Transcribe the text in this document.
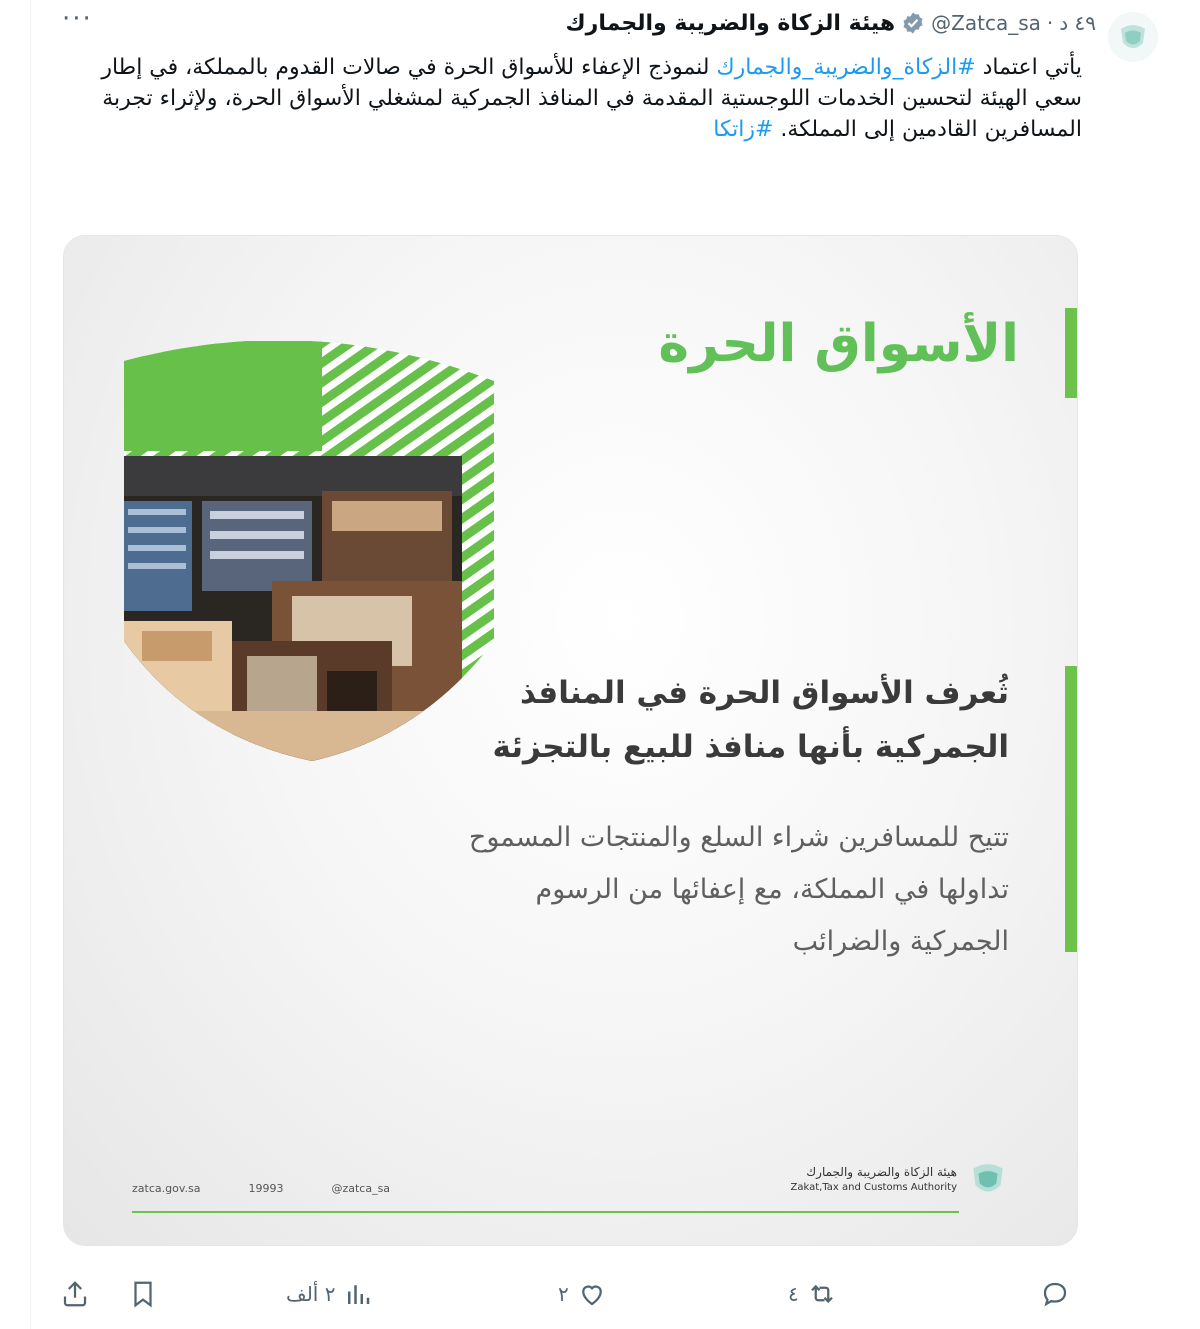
هيئة الزكاة والضريبة والجمارك @Zatca_sa · ٤٩ د
···
يأتي اعتماد #الزكاة_والضريبة_والجمارك لنموذج الإعفاء للأسواق الحرة في صالات القدوم بالمملكة، في إطار سعي الهيئة لتحسين الخدمات اللوجستية المقدمة في المنافذ الجمركية لمشغلي الأسواق الحرة، ولإثراء تجربة المسافرين القادمين إلى المملكة. #زاتكا
الأسواق الحرة
ثُعرف الأسواق الحرة في المنافذ الجمركية بأنها منافذ للبيع بالتجزئة
تتيح للمسافرين شراء السلع والمنتجات المسموح تداولها في المملكة، مع إعفائها من الرسوم الجمركية والضرائب
zatca.gov.sa	19993	@zatca_sa
هيئة الزكاة والضريبة والجمارك
Zakat,Tax and Customs Authority
٢ ألف	٢	٤
